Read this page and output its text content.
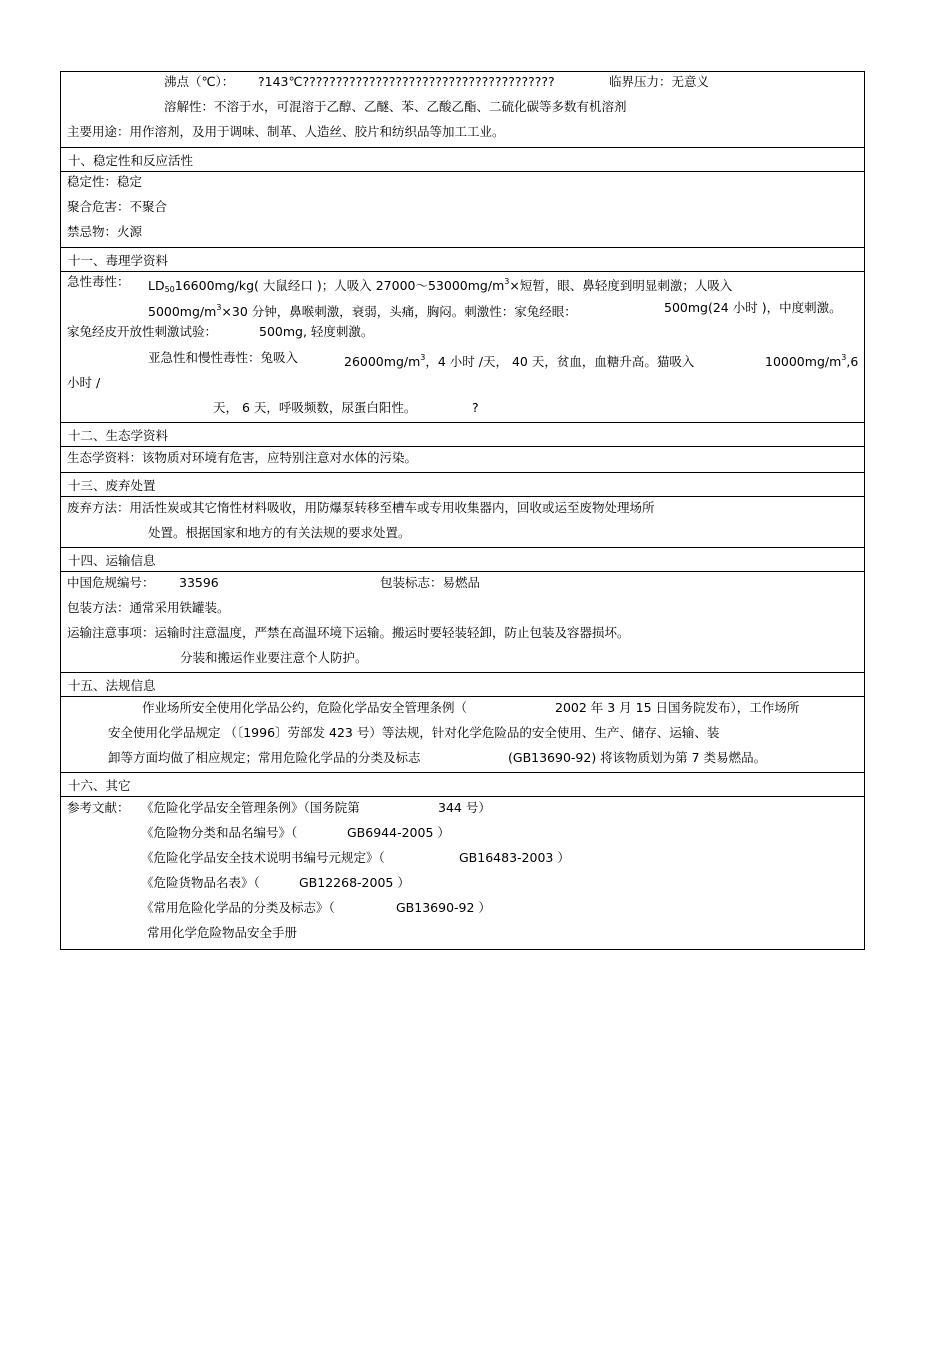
沸点（℃）： ?143℃??????????????????????????????????????	临界压力：无意义
溶解性：不溶于水，可混溶于乙醇、乙醚、苯、乙酸乙酯、二硫化碳等多数有机溶剂
主要用途：用作溶剂，及用于调味、制革、人造丝、胶片和纺织品等加工工业。
十、稳定性和反应活性
稳定性：稳定
聚合危害：不聚合
禁忌物：火源
十一、毒理学资料
急性毒性： $LD_{50}16600mg/kg$( 大鼠经口 )；人吸入 $27000\sim 53000mg/m^3\times$短暂，眼、鼻轻度到明显刺激；人吸入
$5000mg/m^3\times 30$ 分钟，鼻喉刺激，衰弱，头痛，胸闷。刺激性：家兔经眼：	500mg(24 小时 )，中度刺激。
家兔经皮开放性刺激试验：	500mg, 轻度刺激。
亚急性和慢性毒性：兔吸入	$26000mg/m^3$，4 小时 /天， 40 天，贫血，血糖升高。猫吸入	$10000mg/m^3,6$
小时 /
天， 6 天，呼吸频数，尿蛋白阳性。	?
十二、生态学资料
生态学资料：该物质对环境有危害，应特别注意对水体的污染。
十三、废弃处置
废弃方法：用活性炭或其它惰性材料吸收，用防爆泵转移至槽车或专用收集器内，回收或运至废物处理场所
处置。根据国家和地方的有关法规的要求处置。
十四、运输信息
中国危规编号： 33596	包装标志：易燃品
包装方法：通常采用铁罐装。
运输注意事项：运输时注意温度，严禁在高温环境下运输。搬运时要轻装轻卸，防止包装及容器损坏。
分装和搬运作业要注意个人防护。
十五、法规信息
作业场所安全使用化学品公约，危险化学品安全管理条例（	2002 年 3 月 15 日国务院发布），工作场所
安全使用化学品规定 （〔1996〕劳部发 423 号）等法规，针对化学危险品的安全使用、生产、储存、运输、装
卸等方面均做了相应规定；常用危险化学品的分类及标志	(GB13690-92) 将该物质划为第 7 类易燃品。
十六、其它
参考文献： 《危险化学品安全管理条例》（国务院第	344 号）
《危险物分类和品名编号》（	GB6944-2005 ）
《危险化学品安全技术说明书编号元规定》（	GB16483-2003 ）
《危险货物品名表》（	GB12268-2005 ）
《常用危险化学品的分类及标志》（	GB13690-92 ）
常用化学危险物品安全手册
